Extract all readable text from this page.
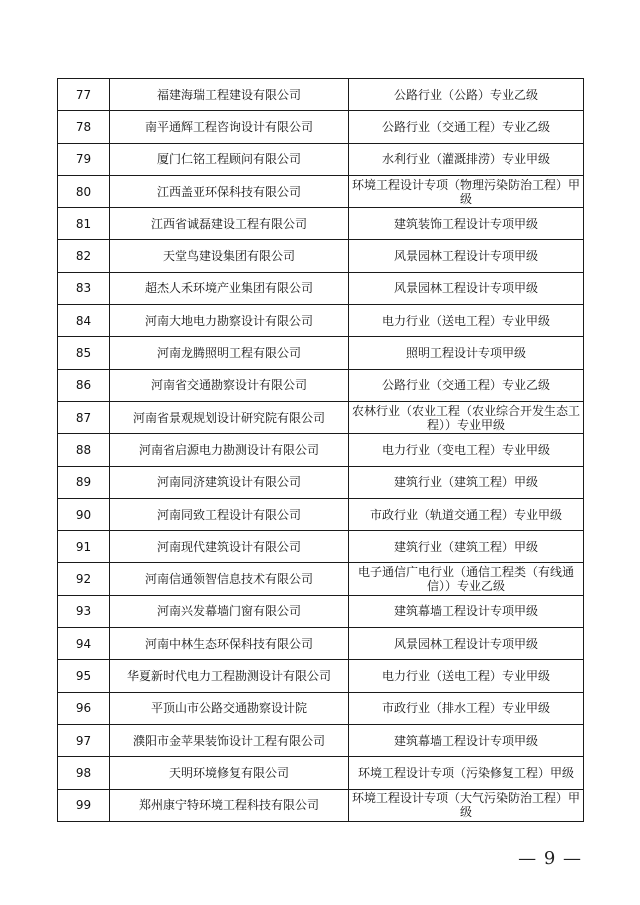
77	福建海瑞工程建设有限公司	公路行业（公路）专业乙级
78	南平通辉工程咨询设计有限公司	公路行业（交通工程）专业乙级
79	厦门仁铭工程顾问有限公司	水利行业（灌溉排涝）专业甲级
80	江西盖亚环保科技有限公司	环境工程设计专项（物理污染防治工程）甲级
81	江西省诚磊建设工程有限公司	建筑装饰工程设计专项甲级
82	天堂鸟建设集团有限公司	风景园林工程设计专项甲级
83	超杰人禾环境产业集团有限公司	风景园林工程设计专项甲级
84	河南大地电力勘察设计有限公司	电力行业（送电工程）专业甲级
85	河南龙腾照明工程有限公司	照明工程设计专项甲级
86	河南省交通勘察设计有限公司	公路行业（交通工程）专业乙级
87	河南省景观规划设计研究院有限公司	农林行业（农业工程（农业综合开发生态工程））专业甲级
88	河南省启源电力勘测设计有限公司	电力行业（变电工程）专业甲级
89	河南同济建筑设计有限公司	建筑行业（建筑工程）甲级
90	河南同致工程设计有限公司	市政行业（轨道交通工程）专业甲级
91	河南现代建筑设计有限公司	建筑行业（建筑工程）甲级
92	河南信通领智信息技术有限公司	电子通信广电行业（通信工程类（有线通信））专业乙级
93	河南兴发幕墙门窗有限公司	建筑幕墙工程设计专项甲级
94	河南中林生态环保科技有限公司	风景园林工程设计专项甲级
95	华夏新时代电力工程勘测设计有限公司	电力行业（送电工程）专业甲级
96	平顶山市公路交通勘察设计院	市政行业（排水工程）专业甲级
97	濮阳市金苹果装饰设计工程有限公司	建筑幕墙工程设计专项甲级
98	天明环境修复有限公司	环境工程设计专项（污染修复工程）甲级
99	郑州康宁特环境工程科技有限公司	环境工程设计专项（大气污染防治工程）甲级
— 9 —
